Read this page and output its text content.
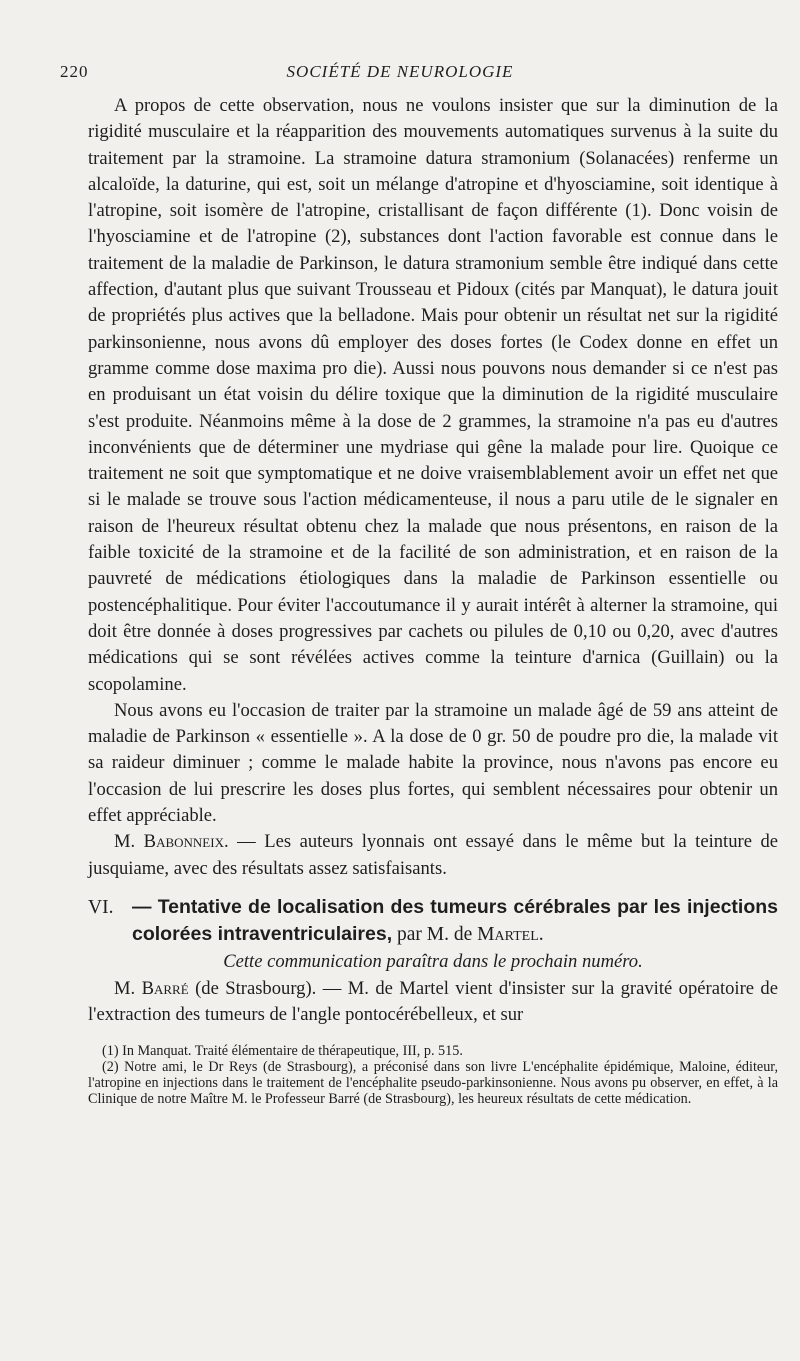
220	SOCIÉTÉ DE NEUROLOGIE

A propos de cette observation, nous ne voulons insister que sur la diminution de la rigidité musculaire et la réapparition des mouvements automatiques survenus à la suite du traitement par la stramoine. La stramoine datura stramonium (Solanacées) renferme un alcaloïde, la daturine, qui est, soit un mélange d'atropine et d'hyosciamine, soit identique à l'atropine, soit isomère de l'atropine, cristallisant de façon différente (1). Donc voisin de l'hyosciamine et de l'atropine (2), substances dont l'action favorable est connue dans le traitement de la maladie de Parkinson, le datura stramonium semble être indiqué dans cette affection, d'autant plus que suivant Trousseau et Pidoux (cités par Manquat), le datura jouit de propriétés plus actives que la belladone. Mais pour obtenir un résultat net sur la rigidité parkinsonienne, nous avons dû employer des doses fortes (le Codex donne en effet un gramme comme dose maxima pro die). Aussi nous pouvons nous demander si ce n'est pas en produisant un état voisin du délire toxique que la diminution de la rigidité musculaire s'est produite. Néanmoins même à la dose de 2 grammes, la stramoine n'a pas eu d'autres inconvénients que de déterminer une mydriase qui gêne la malade pour lire. Quoique ce traitement ne soit que symptomatique et ne doive vraisemblablement avoir un effet net que si le malade se trouve sous l'action médicamenteuse, il nous a paru utile de le signaler en raison de l'heureux résultat obtenu chez la malade que nous présentons, en raison de la faible toxicité de la stramoine et de la facilité de son administration, et en raison de la pauvreté de médications étiologiques dans la maladie de Parkinson essentielle ou postencéphalitique. Pour éviter l'accoutumance il y aurait intérêt à alterner la stramoine, qui doit être donnée à doses progressives par cachets ou pilules de 0,10 ou 0,20, avec d'autres médications qui se sont révélées actives comme la teinture d'arnica (Guillain) ou la scopolamine.

Nous avons eu l'occasion de traiter par la stramoine un malade âgé de 59 ans atteint de maladie de Parkinson « essentielle ». A la dose de 0 gr. 50 de poudre pro die, la malade vit sa raideur diminuer ; comme le malade habite la province, nous n'avons pas encore eu l'occasion de lui prescrire les doses plus fortes, qui semblent nécessaires pour obtenir un effet appréciable.

M. Babonneix. — Les auteurs lyonnais ont essayé dans le même but la teinture de jusquiame, avec des résultats assez satisfaisants.

VI. — Tentative de localisation des tumeurs cérébrales par les injections colorées intraventriculaires, par M. de Martel.
Cette communication paraîtra dans le prochain numéro.

M. Barré (de Strasbourg). — M. de Martel vient d'insister sur la gravité opératoire de l'extraction des tumeurs de l'angle pontocérébelleux, et sur

(1) In Manquat. Traité élémentaire de thérapeutique, III, p. 515.

(2) Notre ami, le Dr Reys (de Strasbourg), a préconisé dans son livre L'encéphalite épidémique, Maloine, éditeur, l'atropine en injections dans le traitement de l'encéphalite pseudo-parkinsonienne. Nous avons pu observer, en effet, à la Clinique de notre Maître M. le Professeur Barré (de Strasbourg), les heureux résultats de cette médication.
